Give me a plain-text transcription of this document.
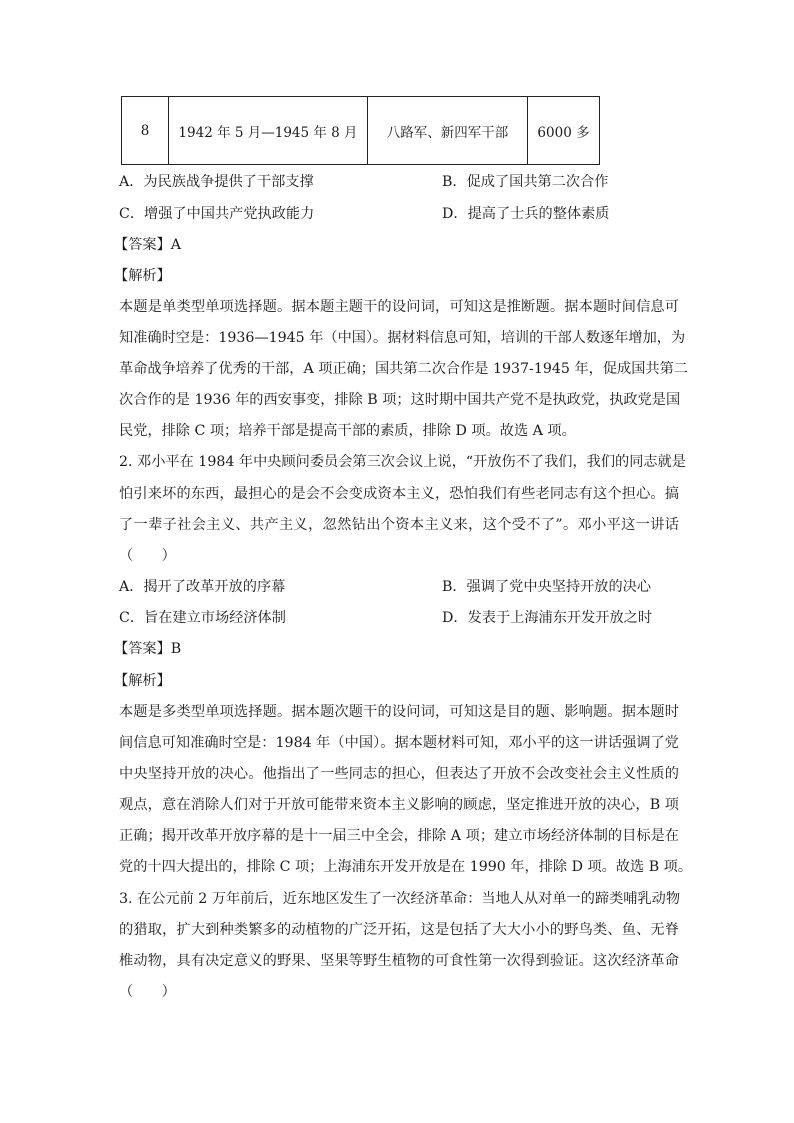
8	1942 年 5 月—1945 年 8 月	八路军、新四军干部	6000 多
A．为民族战争提供了干部支撑	B．促成了国共第二次合作
C．增强了中国共产党执政能力	D．提高了士兵的整体素质
【答案】A
【解析】
本题是单类型单项选择题。据本题主题干的设问词，可知这是推断题。据本题时间信息可
知准确时空是：1936—1945 年（中国）。据材料信息可知，培训的干部人数逐年增加，为
革命战争培养了优秀的干部，A 项正确；国共第二次合作是 1937-1945 年，促成国共第二
次合作的是 1936 年的西安事变，排除 B 项；这时期中国共产党不是执政党，执政党是国
民党，排除 C 项；培养干部是提高干部的素质，排除 D 项。故选 A 项。
2. 邓小平在 1984 年中央顾问委员会第三次会议上说，“开放伤不了我们，我们的同志就是
怕引来坏的东西，最担心的是会不会变成资本主义，恐怕我们有些老同志有这个担心。搞
了一辈子社会主义、共产主义，忽然钻出个资本主义来，这个受不了”。邓小平这一讲话
（　　）
A．揭开了改革开放的序幕	B．强调了党中央坚持开放的决心
C．旨在建立市场经济体制	D．发表于上海浦东开发开放之时
【答案】B
【解析】
本题是多类型单项选择题。据本题次题干的设问词，可知这是目的题、影响题。据本题时
间信息可知准确时空是：1984 年（中国）。据本题材料可知，邓小平的这一讲话强调了党
中央坚持开放的决心。他指出了一些同志的担心，但表达了开放不会改变社会主义性质的
观点，意在消除人们对于开放可能带来资本主义影响的顾虑，坚定推进开放的决心，B 项
正确；揭开改革开放序幕的是十一届三中全会，排除 A 项；建立市场经济体制的目标是在
党的十四大提出的，排除 C 项；上海浦东开发开放是在 1990 年，排除 D 项。故选 B 项。
3. 在公元前 2 万年前后，近东地区发生了一次经济革命：当地人从对单一的蹄类哺乳动物
的猎取，扩大到种类繁多的动植物的广泛开拓，这是包括了大大小小的野鸟类、鱼、无脊
椎动物，具有决定意义的野果、坚果等野生植物的可食性第一次得到验证。这次经济革命
（　　）
